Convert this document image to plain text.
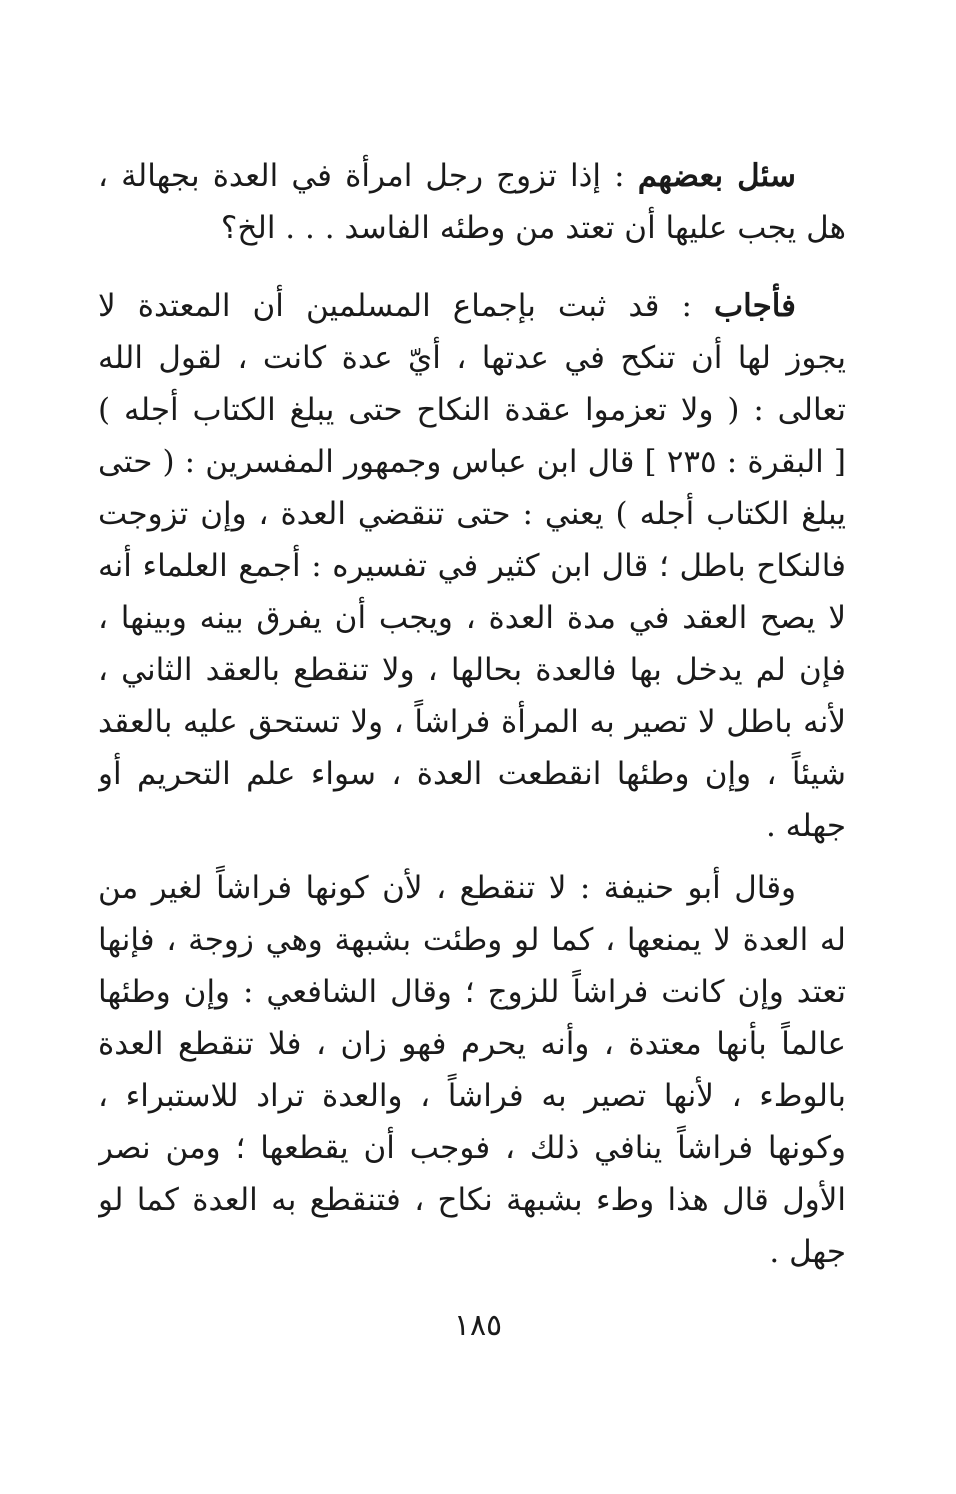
سئل بعضهم : إذا تزوج رجل امرأة في العدة بجهالة ،
هل يجب عليها أن تعتد من وطئه الفاسد . . . الخ؟
فأجاب : قد ثبت بإجماع المسلمين أن المعتدة لا
يجوز لها أن تنكح في عدتها ، أيّ عدة كانت ، لقول الله
تعالى : ( ولا تعزموا عقدة النكاح حتى يبلغ الكتاب أجله )
[ البقرة : ٢٣٥ ] قال ابن عباس وجمهور المفسرين : ( حتى
يبلغ الكتاب أجله ) يعني : حتى تنقضي العدة ، وإن تزوجت
فالنكاح باطل ؛ قال ابن كثير في تفسيره : أجمع العلماء أنه
لا يصح العقد في مدة العدة ، ويجب أن يفرق بينه وبينها ،
فإن لم يدخل بها فالعدة بحالها ، ولا تنقطع بالعقد الثاني ،
لأنه باطل لا تصير به المرأة فراشاً ، ولا تستحق عليه بالعقد
شيئاً ، وإن وطئها انقطعت العدة ، سواء علم التحريم أو
جهله .
وقال أبو حنيفة : لا تنقطع ، لأن كونها فراشاً لغير من
له العدة لا يمنعها ، كما لو وطئت بشبهة وهي زوجة ، فإنها
تعتد وإن كانت فراشاً للزوج ؛ وقال الشافعي : وإن وطئها
عالماً بأنها معتدة ، وأنه يحرم فهو زان ، فلا تنقطع العدة
بالوطء ، لأنها تصير به فراشاً ، والعدة تراد للاستبراء ،
وكونها فراشاً ينافي ذلك ، فوجب أن يقطعها ؛ ومن نصر
الأول قال هذا وطء بشبهة نكاح ، فتنقطع به العدة كما لو
جهل .
١٨٥
